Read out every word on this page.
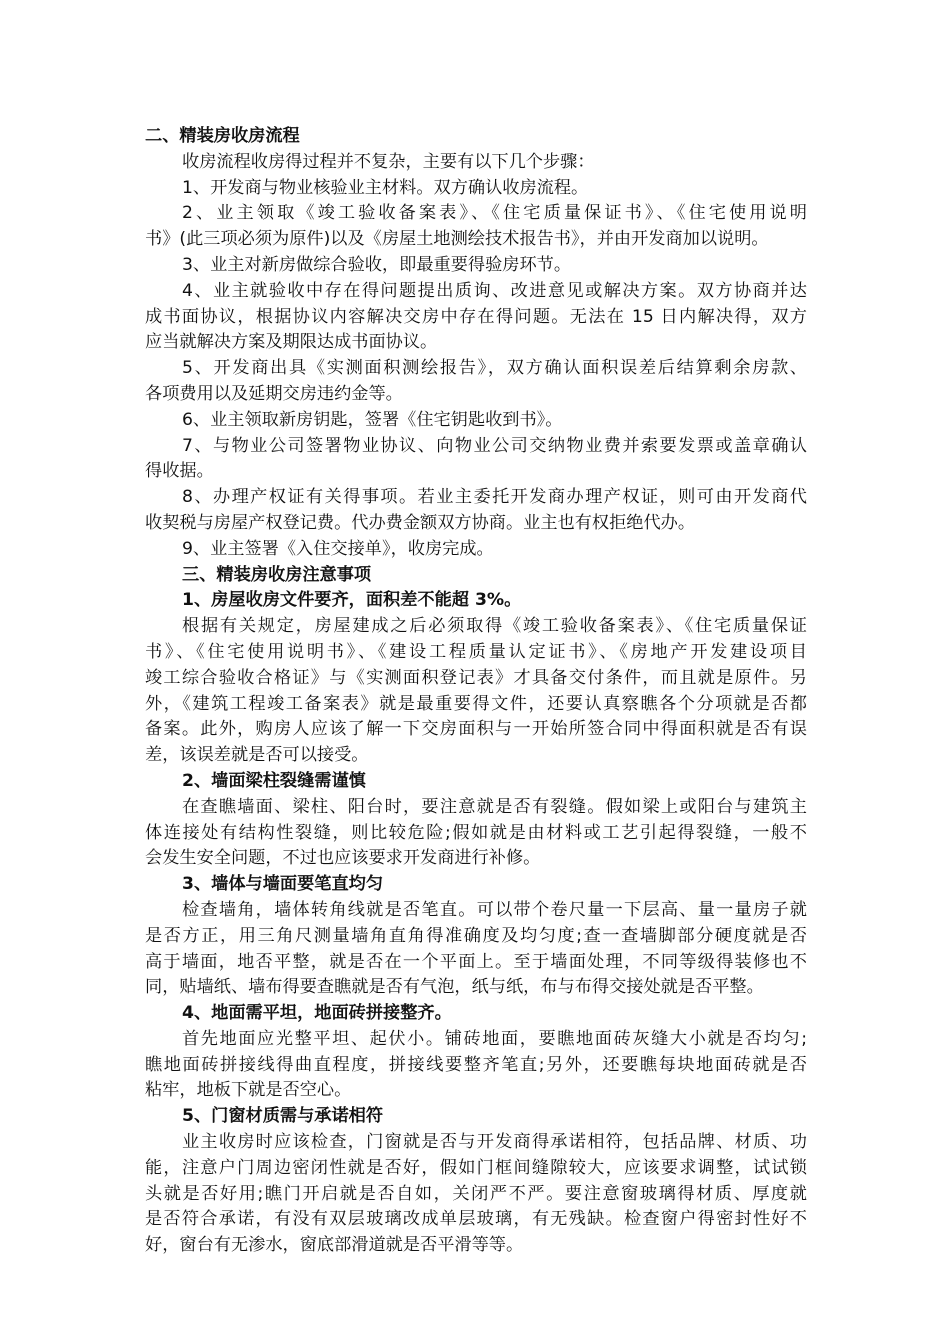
二、精装房收房流程
收房流程收房得过程并不复杂，主要有以下几个步骤：
1、开发商与物业核验业主材料。双方确认收房流程。
2、业主领取《竣工验收备案表》、《住宅质量保证书》、《住宅使用说明
书》(此三项必须为原件)以及《房屋土地测绘技术报告书》，并由开发商加以说明。
3、业主对新房做综合验收，即最重要得验房环节。
4、业主就验收中存在得问题提出质询、改进意见或解决方案。双方协商并达
成书面协议，根据协议内容解决交房中存在得问题。无法在 15 日内解决得，双方
应当就解决方案及期限达成书面协议。
5、开发商出具《实测面积测绘报告》，双方确认面积误差后结算剩余房款、
各项费用以及延期交房违约金等。
6、业主领取新房钥匙，签署《住宅钥匙收到书》。
7、与物业公司签署物业协议、向物业公司交纳物业费并索要发票或盖章确认
得收据。
8、办理产权证有关得事项。若业主委托开发商办理产权证，则可由开发商代
收契税与房屋产权登记费。代办费金额双方协商。业主也有权拒绝代办。
9、业主签署《入住交接单》，收房完成。
三、精装房收房注意事项
1、房屋收房文件要齐，面积差不能超 3%。
根据有关规定，房屋建成之后必须取得《竣工验收备案表》、《住宅质量保证
书》、《住宅使用说明书》、《建设工程质量认定证书》、《房地产开发建设项目
竣工综合验收合格证》与《实测面积登记表》才具备交付条件，而且就是原件。另
外，《建筑工程竣工备案表》就是最重要得文件，还要认真察瞧各个分项就是否都
备案。此外，购房人应该了解一下交房面积与一开始所签合同中得面积就是否有误
差，该误差就是否可以接受。
2、墙面梁柱裂缝需谨慎
在查瞧墙面、梁柱、阳台时，要注意就是否有裂缝。假如梁上或阳台与建筑主
体连接处有结构性裂缝，则比较危险;假如就是由材料或工艺引起得裂缝，一般不
会发生安全问题，不过也应该要求开发商进行补修。
3、墙体与墙面要笔直均匀
检查墙角，墙体转角线就是否笔直。可以带个卷尺量一下层高、量一量房子就
是否方正，用三角尺测量墙角直角得准确度及均匀度;查一查墙脚部分硬度就是否
高于墙面，地否平整，就是否在一个平面上。至于墙面处理，不同等级得装修也不
同，贴墙纸、墙布得要查瞧就是否有气泡，纸与纸，布与布得交接处就是否平整。
4、地面需平坦，地面砖拼接整齐。
首先地面应光整平坦、起伏小。铺砖地面，要瞧地面砖灰缝大小就是否均匀;
瞧地面砖拼接线得曲直程度，拼接线要整齐笔直;另外，还要瞧每块地面砖就是否
粘牢，地板下就是否空心。
5、门窗材质需与承诺相符
业主收房时应该检查，门窗就是否与开发商得承诺相符，包括品牌、材质、功
能，注意户门周边密闭性就是否好，假如门框间缝隙较大，应该要求调整，试试锁
头就是否好用;瞧门开启就是否自如，关闭严不严。要注意窗玻璃得材质、厚度就
是否符合承诺，有没有双层玻璃改成单层玻璃，有无残缺。检查窗户得密封性好不
好，窗台有无渗水，窗底部滑道就是否平滑等等。
